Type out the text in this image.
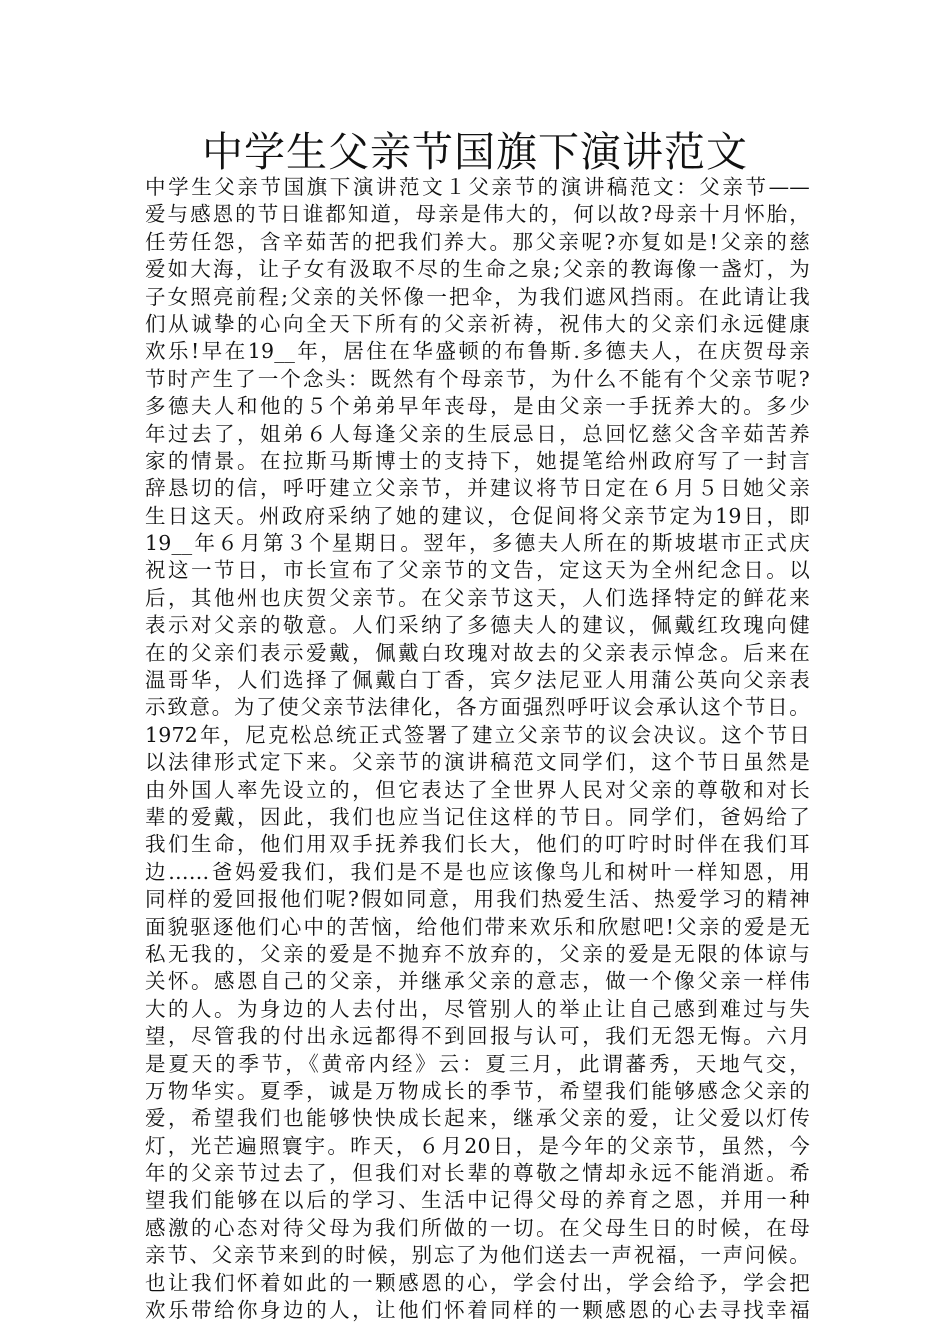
中学生父亲节国旗下演讲范文
中学生父亲节国旗下演讲范文１父亲节的演讲稿范文：父亲节——
爱与感恩的节日谁都知道，母亲是伟大的，何以故?母亲十月怀胎，
任劳任怨，含辛茹苦的把我们养大。那父亲呢?亦复如是!父亲的慈
爱如大海，让子女有汲取不尽的生命之泉;父亲的教诲像一盏灯，为
子女照亮前程;父亲的关怀像一把伞，为我们遮风挡雨。在此请让我
们从诚挚的心向全天下所有的父亲祈祷，祝伟大的父亲们永远健康
欢乐!早在19__年，居住在华盛顿的布鲁斯.多德夫人，在庆贺母亲
节时产生了一个念头：既然有个母亲节，为什么不能有个父亲节呢?
多德夫人和他的５个弟弟早年丧母，是由父亲一手抚养大的。多少
年过去了，姐弟６人每逢父亲的生辰忌日，总回忆慈父含辛茹苦养
家的情景。在拉斯马斯博士的支持下，她提笔给州政府写了一封言
辞恳切的信，呼吁建立父亲节，并建议将节日定在６月５日她父亲
生日这天。州政府采纳了她的建议，仓促间将父亲节定为19日，即
19__年６月第３个星期日。翌年，多德夫人所在的斯坡堪市正式庆
祝这一节日，市长宣布了父亲节的文告，定这天为全州纪念日。以
后，其他州也庆贺父亲节。在父亲节这天，人们选择特定的鲜花来
表示对父亲的敬意。人们采纳了多德夫人的建议，佩戴红玫瑰向健
在的父亲们表示爱戴，佩戴白玫瑰对故去的父亲表示悼念。后来在
温哥华，人们选择了佩戴白丁香，宾夕法尼亚人用蒲公英向父亲表
示致意。为了使父亲节法律化，各方面强烈呼吁议会承认这个节日。
1972年，尼克松总统正式签署了建立父亲节的议会决议。这个节日
以法律形式定下来。父亲节的演讲稿范文同学们，这个节日虽然是
由外国人率先设立的，但它表达了全世界人民对父亲的尊敬和对长
辈的爱戴，因此，我们也应当记住这样的节日。同学们，爸妈给了
我们生命，他们用双手抚养我们长大，他们的叮咛时时伴在我们耳
边……爸妈爱我们，我们是不是也应该像鸟儿和树叶一样知恩，用
同样的爱回报他们呢?假如同意，用我们热爱生活、热爱学习的精神
面貌驱逐他们心中的苦恼，给他们带来欢乐和欣慰吧!父亲的爱是无
私无我的，父亲的爱是不抛弃不放弃的，父亲的爱是无限的体谅与
关怀。感恩自己的父亲，并继承父亲的意志，做一个像父亲一样伟
大的人。为身边的人去付出，尽管别人的举止让自己感到难过与失
望，尽管我的付出永远都得不到回报与认可，我们无怨无悔。六月
是夏天的季节，《黄帝内经》云：夏三月，此谓蕃秀，天地气交，
万物华实。夏季，诚是万物成长的季节，希望我们能够感念父亲的
爱，希望我们也能够快快成长起来，继承父亲的爱，让父爱以灯传
灯，光芒遍照寰宇。昨天，６月20日，是今年的父亲节，虽然，今
年的父亲节过去了，但我们对长辈的尊敬之情却永远不能消逝。希
望我们能够在以后的学习、生活中记得父母的养育之恩，并用一种
感激的心态对待父母为我们所做的一切。在父母生日的时候，在母
亲节、父亲节来到的时候，别忘了为他们送去一声祝福，一声问候。
也让我们怀着如此的一颗感恩的心，学会付出，学会给予，学会把
欢乐带给你身边的人，让他们怀着同样的一颗感恩的心去寻找幸福
